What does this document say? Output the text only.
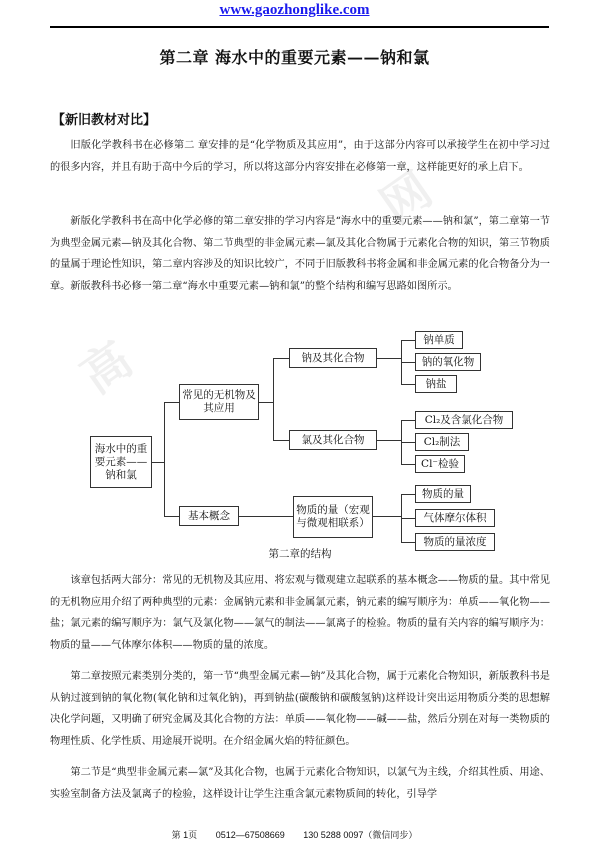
高
网
www.gaozhonglike.com
第二章 海水中的重要元素——钠和氯
【新旧教材对比】

旧版化学教科书在必修第二 章安排的是“化学物质及其应用”，由于这部分内容可以承接学生在初中学习过的很多内容，并且有助于高中今后的学习，所以将这部分内容安排在必修第一章，这样能更好的承上启下。

新版化学教科书在高中化学必修的第二章安排的学习内容是“海水中的重要元素——钠和氯”，第二章第一节为典型金属元素—钠及其化合物、第二节典型的非金属元素—氯及其化合物属于元素化合物的知识，第三节物质的量属于理论性知识，第二章内容涉及的知识比较广，不同于旧版教科书将金属和非金属元素的化合物备分为一章。新版教科书必修一第二章“海水中重要元素—钠和氯”的整个结构和编写思路如图所示。

海水中的重要元素——钠和氯
常见的无机物及其应用
钠及其化合物
钠单质
钠的氧化物
钠盐
氯及其化合物
Cl₂及含氯化合物
Cl₂制法
Cl⁻检验
基本概念	物质的量（宏观与微观相联系）
物质的量
气体摩尔体积
物质的量浓度
第二章的结构

该章包括两大部分：常见的无机物及其应用、将宏观与微观建立起联系的基本概念——物质的量。其中常见的无机物应用介绍了两种典型的元素：金属钠元素和非金属氯元素，钠元素的编写顺序为：单质——氧化物——盐；氯元素的编写顺序为：氯气及氯化物——氯气的制法——氯离子的检验。物质的量有关内容的编写顺序为：物质的量——气体摩尔体积——物质的量的浓度。

第二章按照元素类别分类的，第一节“典型金属元素—钠”及其化合物，属于元素化合物知识，新版教科书是从钠过渡到钠的氧化物(氧化钠和过氧化钠)，再到钠盐(碳酸钠和碳酸氢钠)这样设计突出运用物质分类的思想解决化学问题，又明确了研究金属及其化合物的方法：单质——氧化物——碱——盐，然后分别在对每一类物质的物理性质、化学性质、用途展开说明。在介绍金属火焰的特征颜色。

第二节是“典型非金属元素—氯”及其化合物，也属于元素化合物知识，以氯气为主线，介绍其性质、用途、实验室制备方法及氯离子的检验，这样设计让学生注重含氯元素物质间的转化，引导学

第 1页 0512—67508669 130 5288 0097（微信同步）
